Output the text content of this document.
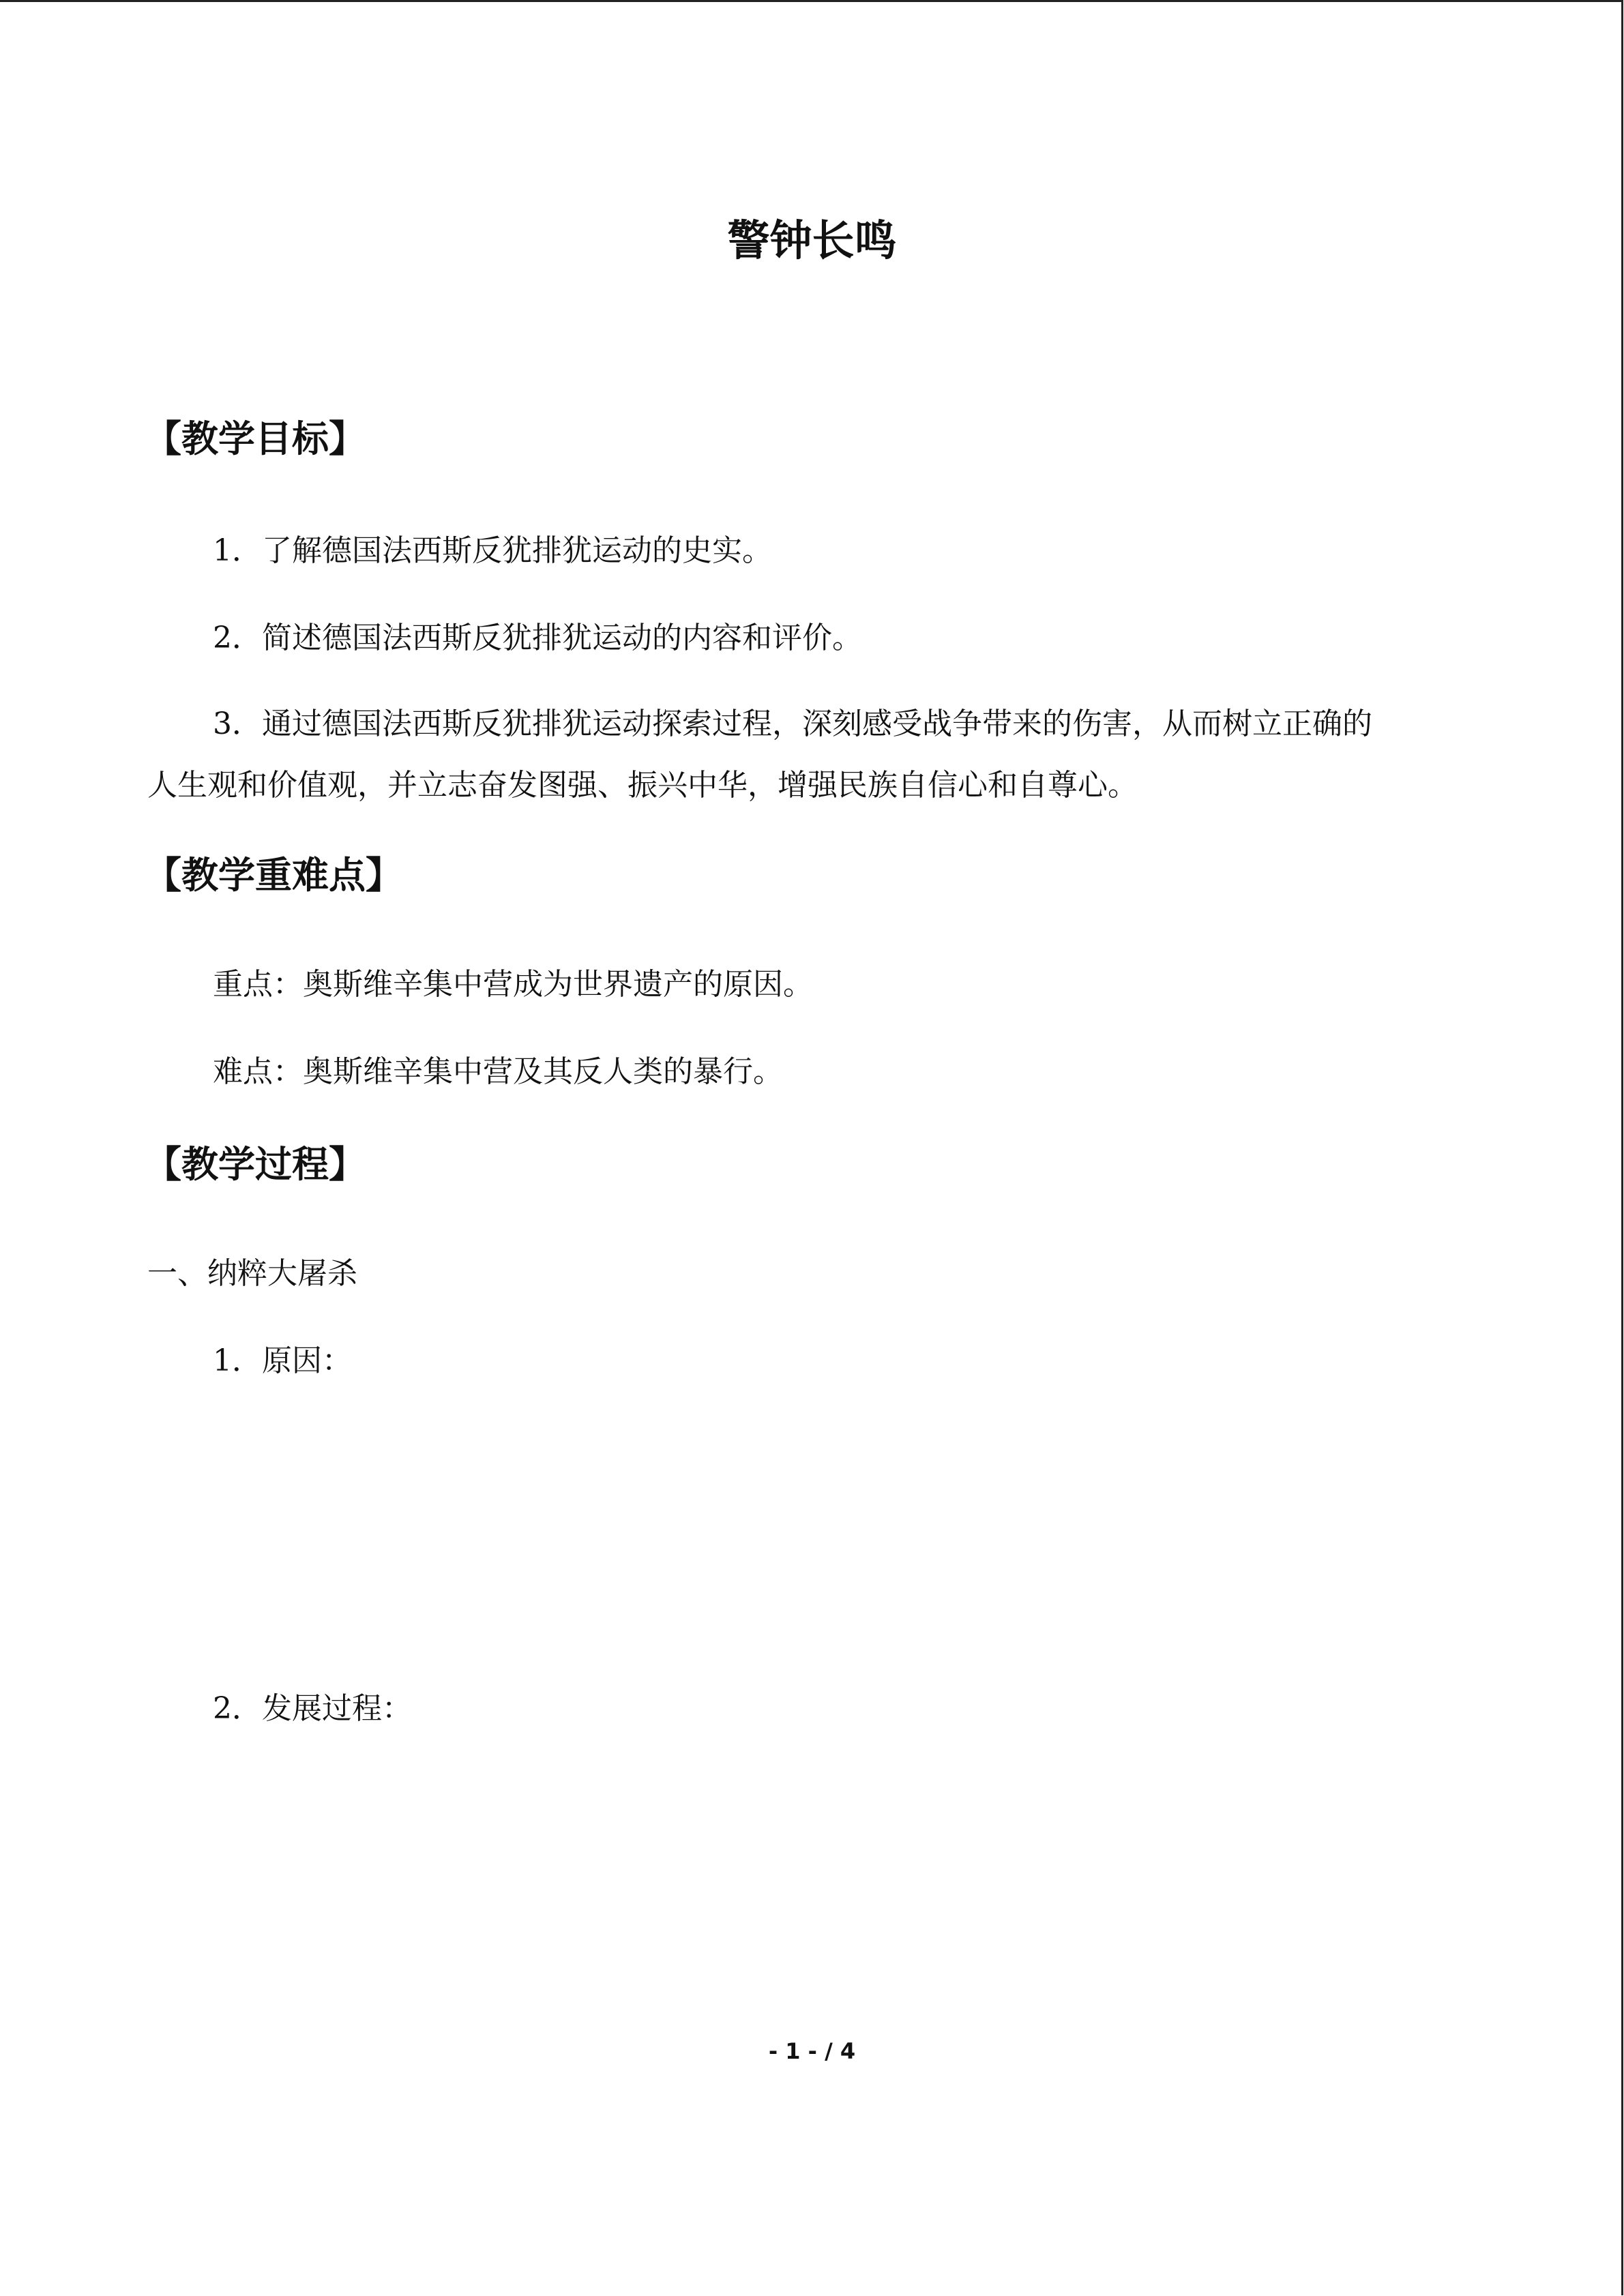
警钟长鸣
【教学目标】
1．了解德国法西斯反犹排犹运动的史实。
2．简述德国法西斯反犹排犹运动的内容和评价。
3．通过德国法西斯反犹排犹运动探索过程，深刻感受战争带来的伤害，从而树立正确的
人生观和价值观，并立志奋发图强、振兴中华，增强民族自信心和自尊心。
【教学重难点】
重点：奥斯维辛集中营成为世界遗产的原因。
难点：奥斯维辛集中营及其反人类的暴行。
【教学过程】
一、纳粹大屠杀
1．原因：
2．发展过程：
- 1 - / 4
